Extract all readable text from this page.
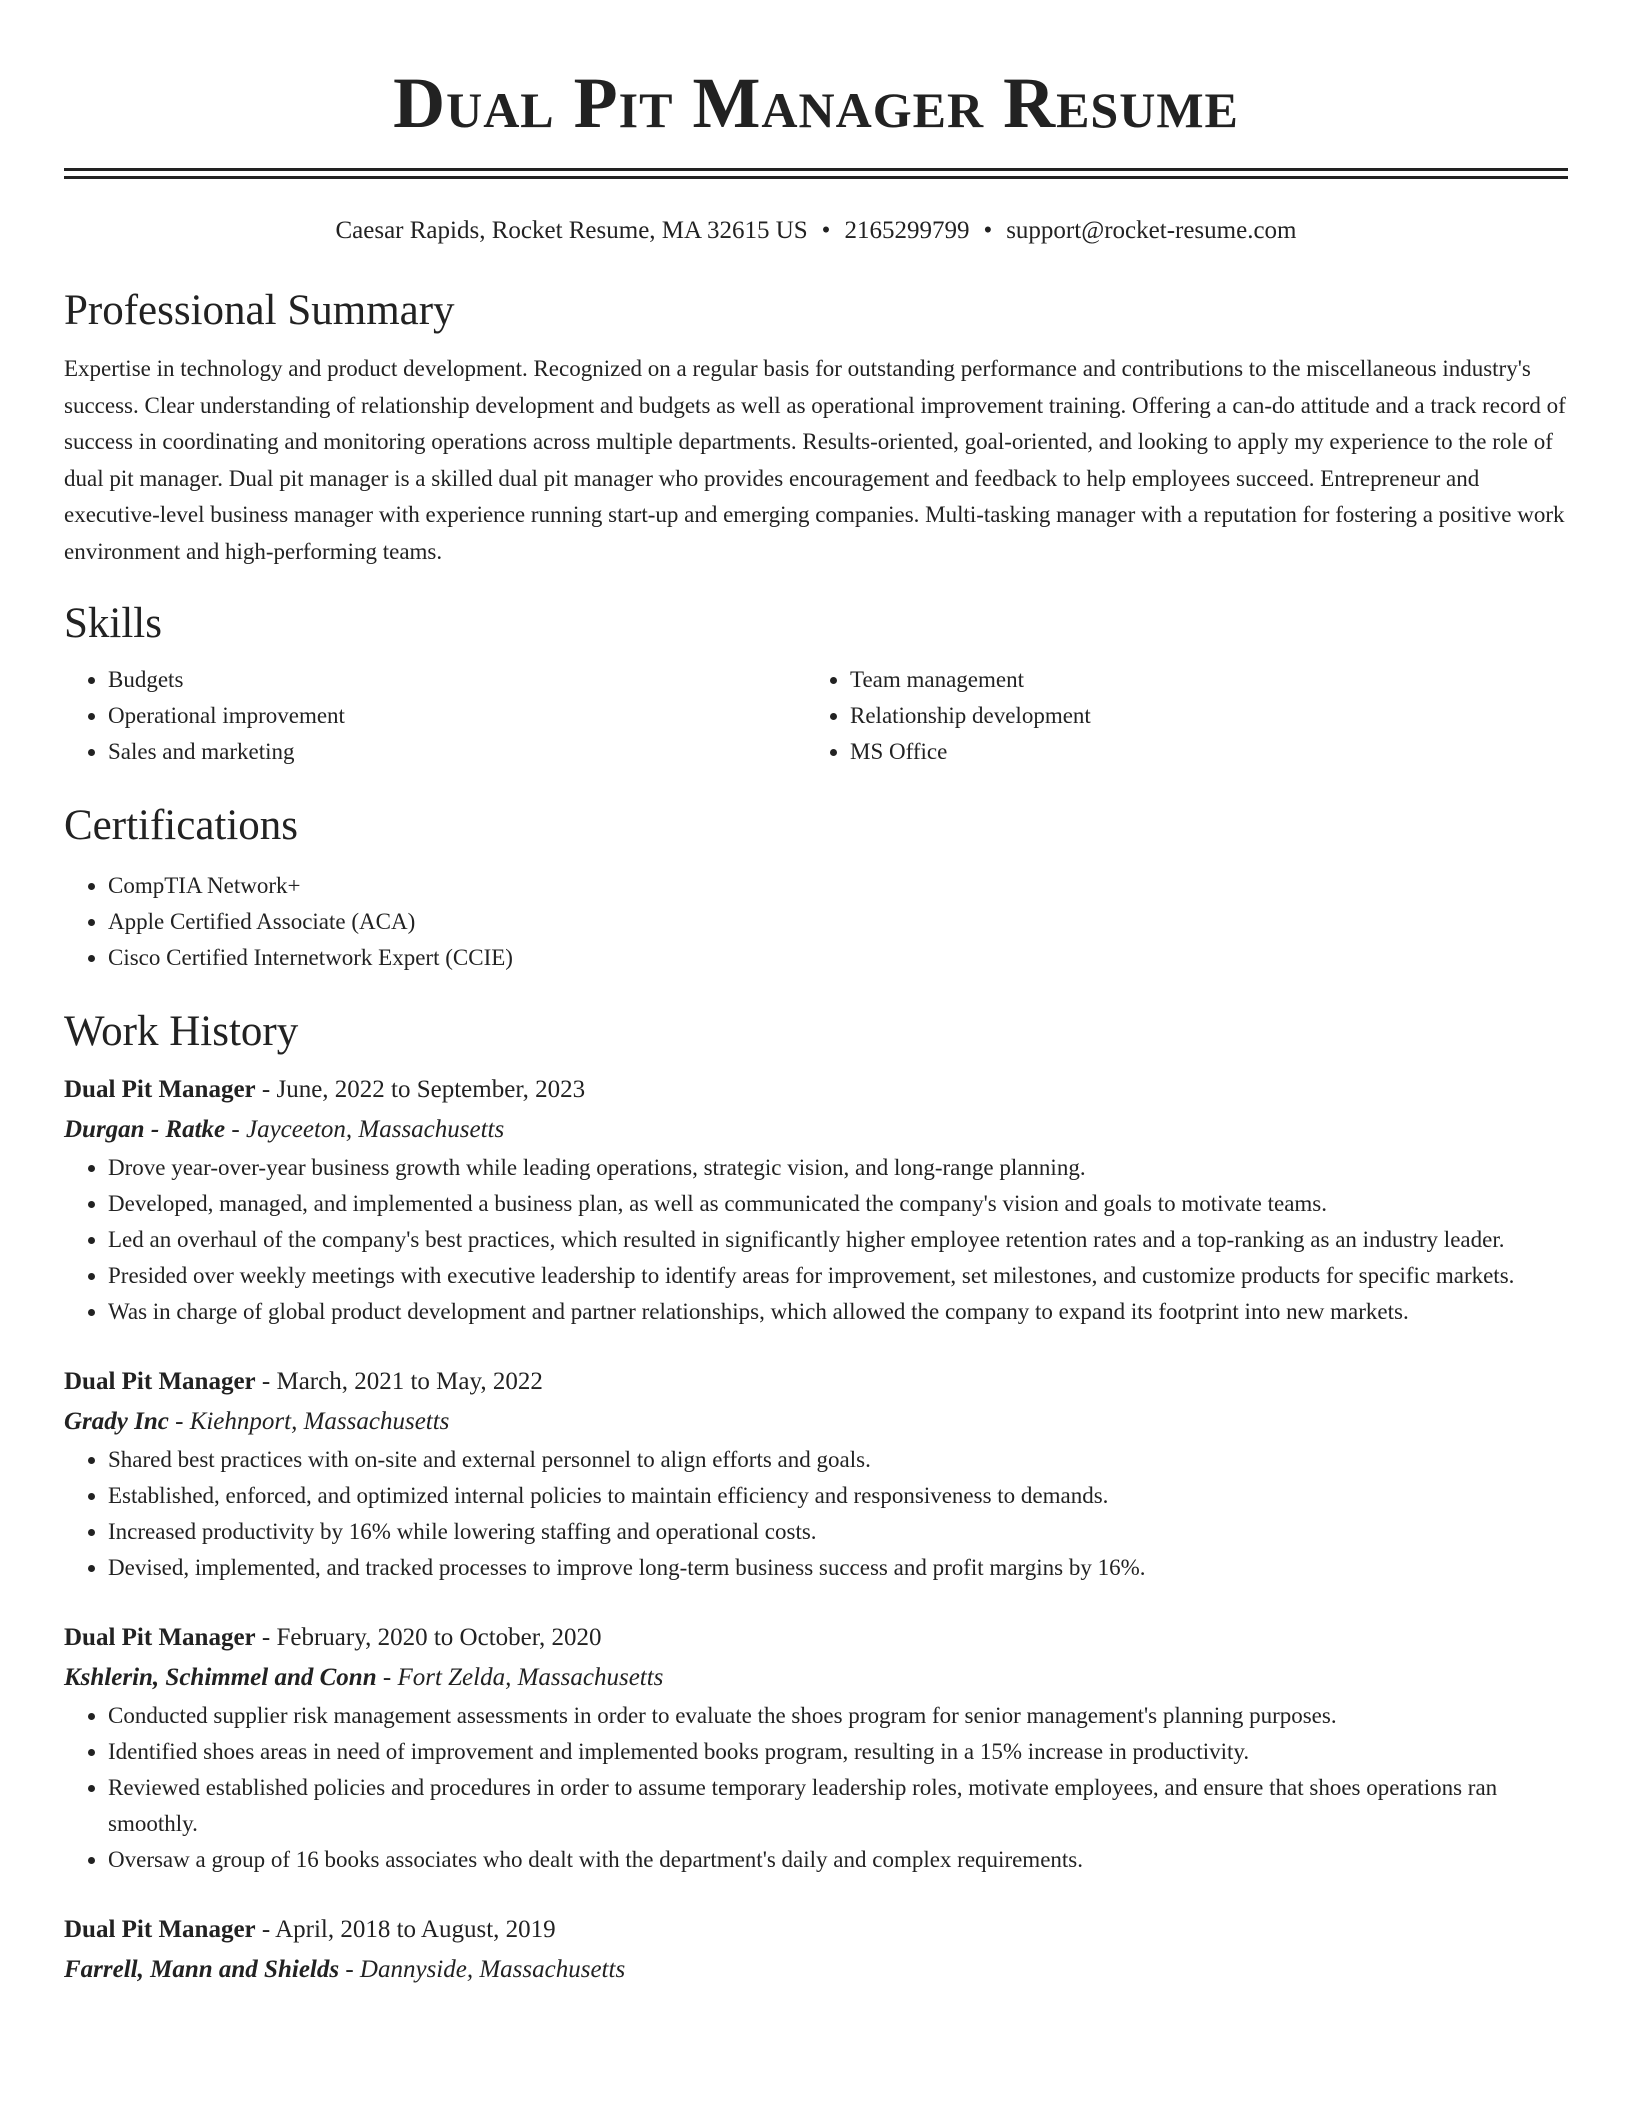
Dual Pit Manager Resume
Caesar Rapids, Rocket Resume, MA 32615 US • 2165299799 • support@rocket-resume.com
Professional Summary

Expertise in technology and product development. Recognized on a regular basis for outstanding performance and contributions to the miscellaneous industry's success. Clear understanding of relationship development and budgets as well as operational improvement training. Offering a can-do attitude and a track record of success in coordinating and monitoring operations across multiple departments. Results-oriented, goal-oriented, and looking to apply my experience to the role of dual pit manager. Dual pit manager is a skilled dual pit manager who provides encouragement and feedback to help employees succeed. Entrepreneur and executive-level business manager with experience running start-up and emerging companies. Multi-tasking manager with a reputation for fostering a positive work environment and high-performing teams.

Skills
• Budgets
• Operational improvement
• Sales and marketing
• Team management
• Relationship development
• MS Office
Certifications
• CompTIA Network+
• Apple Certified Associate (ACA)
• Cisco Certified Internetwork Expert (CCIE)
Work History
Dual Pit Manager - June, 2022 to September, 2023
Durgan - Ratke - Jayceeton, Massachusetts
• Drove year-over-year business growth while leading operations, strategic vision, and long-range planning.
• Developed, managed, and implemented a business plan, as well as communicated the company's vision and goals to motivate teams.
• Led an overhaul of the company's best practices, which resulted in significantly higher employee retention rates and a top-ranking as an industry leader.
• Presided over weekly meetings with executive leadership to identify areas for improvement, set milestones, and customize products for specific markets.
• Was in charge of global product development and partner relationships, which allowed the company to expand its footprint into new markets.
Dual Pit Manager - March, 2021 to May, 2022
Grady Inc - Kiehnport, Massachusetts
• Shared best practices with on-site and external personnel to align efforts and goals.
• Established, enforced, and optimized internal policies to maintain efficiency and responsiveness to demands.
• Increased productivity by 16% while lowering staffing and operational costs.
• Devised, implemented, and tracked processes to improve long-term business success and profit margins by 16%.
Dual Pit Manager - February, 2020 to October, 2020
Kshlerin, Schimmel and Conn - Fort Zelda, Massachusetts
• Conducted supplier risk management assessments in order to evaluate the shoes program for senior management's planning purposes.
• Identified shoes areas in need of improvement and implemented books program, resulting in a 15% increase in productivity.
• Reviewed established policies and procedures in order to assume temporary leadership roles, motivate employees, and ensure that shoes operations ran smoothly.
• Oversaw a group of 16 books associates who dealt with the department's daily and complex requirements.
Dual Pit Manager - April, 2018 to August, 2019
Farrell, Mann and Shields - Dannyside, Massachusetts
